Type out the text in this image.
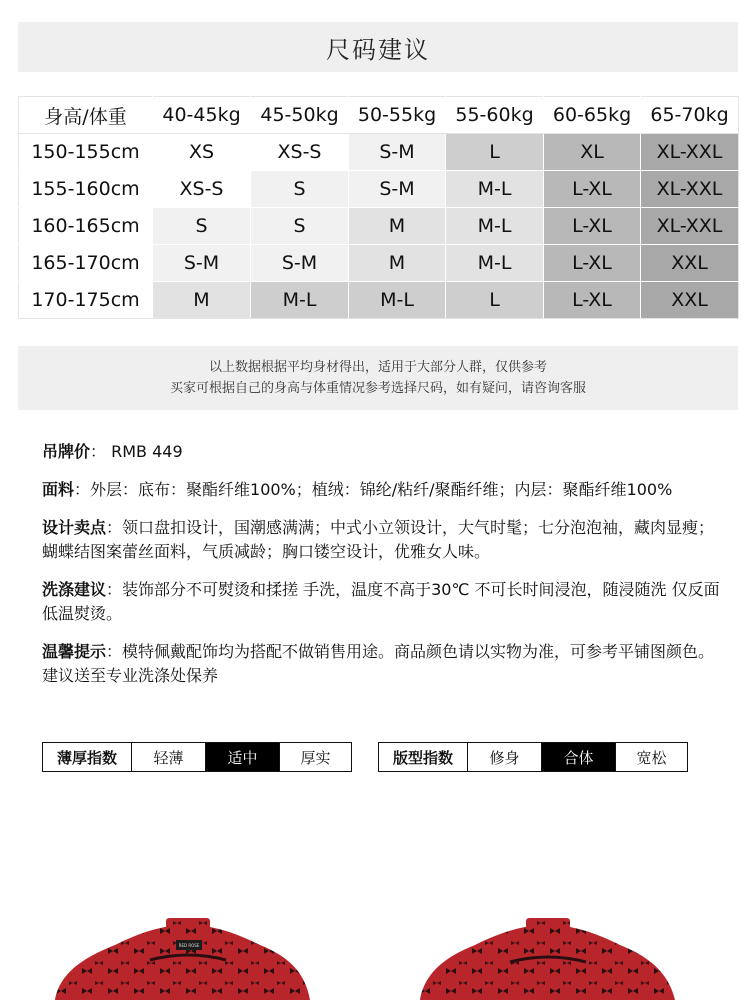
尺码建议
身高/体重	40-45kg	45-50kg	50-55kg	55-60kg	60-65kg	65-70kg
150-155cm	XS	XS-S	S-M	L	XL	XL-XXL
155-160cm	XS-S	S	S-M	M-L	L-XL	XL-XXL
160-165cm	S	S	M	M-L	L-XL	XL-XXL
165-170cm	S-M	S-M	M	M-L	L-XL	XXL
170-175cm	M	M-L	M-L	L	L-XL	XXL
以上数据根据平均身材得出，适用于大部分人群，仅供参考
买家可根据自己的身高与体重情况参考选择尺码，如有疑问，请咨询客服

吊牌价： RMB 449

面料：外层：底布：聚酯纤维100%；植绒：锦纶/粘纤/聚酯纤维；内层：聚酯纤维100%

设计卖点：领口盘扣设计，国潮感满满；中式小立领设计，大气时髦；七分泡泡袖，藏肉显瘦；蝴蝶结图案蕾丝面料，气质减龄；胸口镂空设计，优雅女人味。

洗涤建议：装饰部分不可熨烫和揉搓 手洗，温度不高于30℃ 不可长时间浸泡，随浸随洗 仅反面低温熨烫。

温馨提示：模特佩戴配饰均为搭配不做销售用途。商品颜色请以实物为准，可参考平铺图颜色。建议送至专业洗涤处保养

薄厚指数	轻薄	适中	厚实	版型指数	修身	合体	宽松
RED ROSE
